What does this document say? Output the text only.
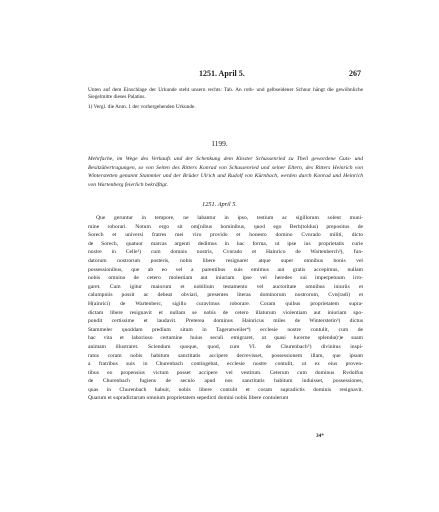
1251. April 5.	267
Unten auf dem Einschlage der Urkunde steht unsern rechts: Tab. An roth- und gelbseidener Schnur hängt die gewöhnliche Siegelmitte dieses Palatins.
1) Vergl. die Anm. 1 der vorhergehenden Urkunde.
1199.
Mehrfache, im Wege des Verkaufs und der Schenkung dem Kloster Schussenried zu Theil gewordene Guts- und Besitzübertragungen, so von Seiten des Ritters Konrad von Schussenried und seiner Eltern, des Ritters Heinrich von Winterstetten genannt Stammler und der Brüder Ulrich und Rudolf von Kürnbach, werden durch Konrad und Heinrich von Wartenberg feierlich bekräftigt.
1251. April 5.
Que geruntur in tempore, ne labantur in ipso, testium ac sigillorum solent muni-
mine roborari. Notum ergo sit om[nibus hominibus, quod ego Berh(toldus) prepositus de
Sorech et universi fratres mei viro provido et honesto domino Cvnrado militi, dicto
de Sorech, quatuor marcas argenti dedimus in hac forma, ut ipse ius proprietatis curie
nostre in Celle¹) cum domnis nostris, Cvnrado et Hainrico de Wartenberch²), fun-
datorum nostrorum posteris, nobis libere resignaret atque super omnibus bonis vel
possessionibus, que ab eo vel a parentibus suis emimus aut gratis accepimus, nullam
nobis omnino de cetero molestiam aut iniuriam ipse vel heredes sui imperpetuum irro-
garet. Cum igitur maiorum et nobilium testamento vel auctoritate omnibus iniuriis et
calumpniis possit ac debeat obviari, presentes literas dominorum nostrorum, Cvn(radi) et
H(ainrici) de Wartenberc, sigillo curavimus roborare. Coram quibus proprietatem supra-
dictam libere resignavit et nullam se nobis de cetero illaturum violentiam aut iniuriam spo-
pondit certissime et laudavit. Preterea dominus Hainricus miles de Winterstetin³) dictus
Stammeler quoddam predium situm in Tageratweiler⁴) ecclesie nostre contulit, cum de
hac vita et laborioso certamine huius seculi emigraret, ut quasi lucerne splendo(r)e suam
animam illustraret. Sciendum quoque, quod, cum VI. de Churenbach⁵) divinitus inspi-
ratus coram nobis habitum sanctitatis accipere decrevisset, possessionem illam, que ipsum
a fratribus suis in Churenbach contingebat, ecclesie nostre contulit, ut ex eius proven-
tibus eo propensius victum posset accipere vel vestitum. Ceterum cum dominus Rvdolfus
de Churenbach fugiens de seculo apud nos sanctitatis habitum induisset, possessiones,
quas in Churenbach habuit, nobis libere contulit et coram supradictis dominis resignavit.
Quarum et supradictarum omnium proprietatem sepedicti domini nobis libere contulerunt
34*
